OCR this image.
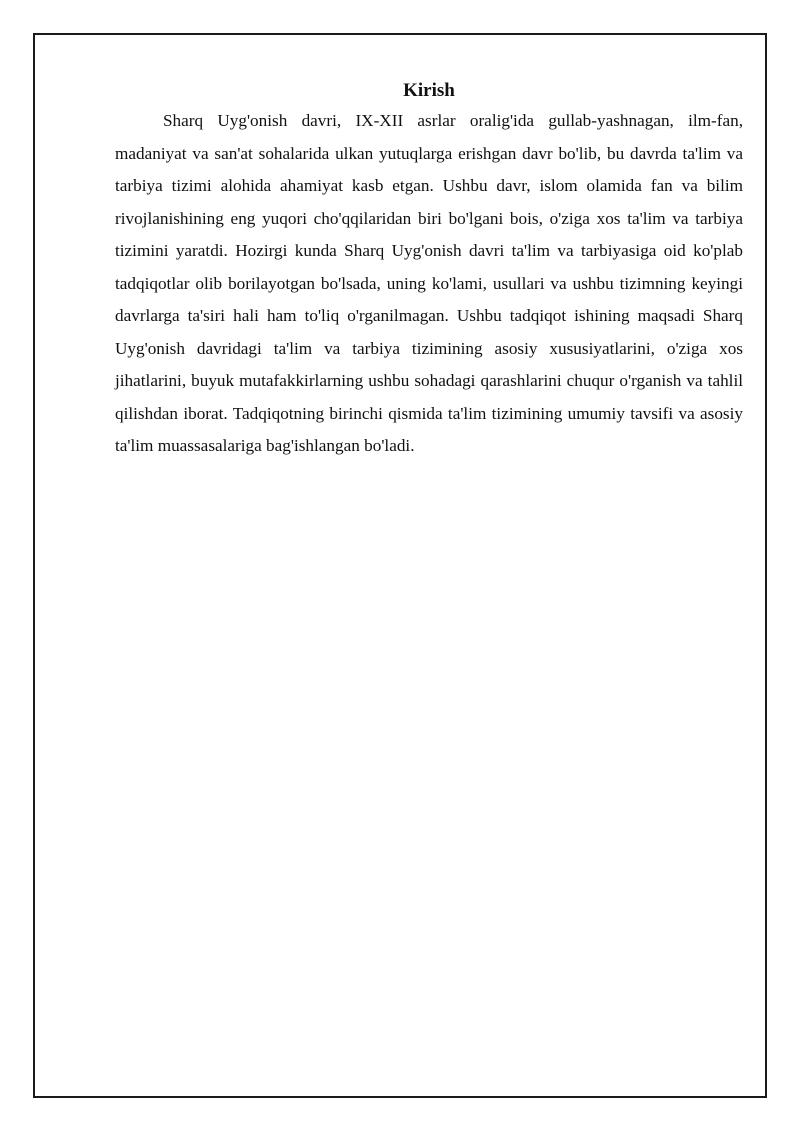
Kirish

Sharq Uyg'onish davri, IX-XII asrlar oralig'ida gullab-yashnagan, ilm-fan, madaniyat va san'at sohalarida ulkan yutuqlarga erishgan davr bo'lib, bu davrda ta'lim va tarbiya tizimi alohida ahamiyat kasb etgan. Ushbu davr, islom olamida fan va bilim rivojlanishining eng yuqori cho'qqilaridan biri bo'lgani bois, o'ziga xos ta'lim va tarbiya tizimini yaratdi. Hozirgi kunda Sharq Uyg'onish davri ta'lim va tarbiyasiga oid ko'plab tadqiqotlar olib borilayotgan bo'lsada, uning ko'lami, usullari va ushbu tizimning keyingi davrlarga ta'siri hali ham to'liq o'rganilmagan. Ushbu tadqiqot ishining maqsadi Sharq Uyg'onish davridagi ta'lim va tarbiya tizimining asosiy xususiyatlarini, o'ziga xos jihatlarini, buyuk mutafakkirlarning ushbu sohadagi qarashlarini chuqur o'rganish va tahlil qilishdan iborat. Tadqiqotning birinchi qismida ta'lim tizimining umumiy tavsifi va asosiy ta'lim muassasalariga bag'ishlangan bo'ladi.
